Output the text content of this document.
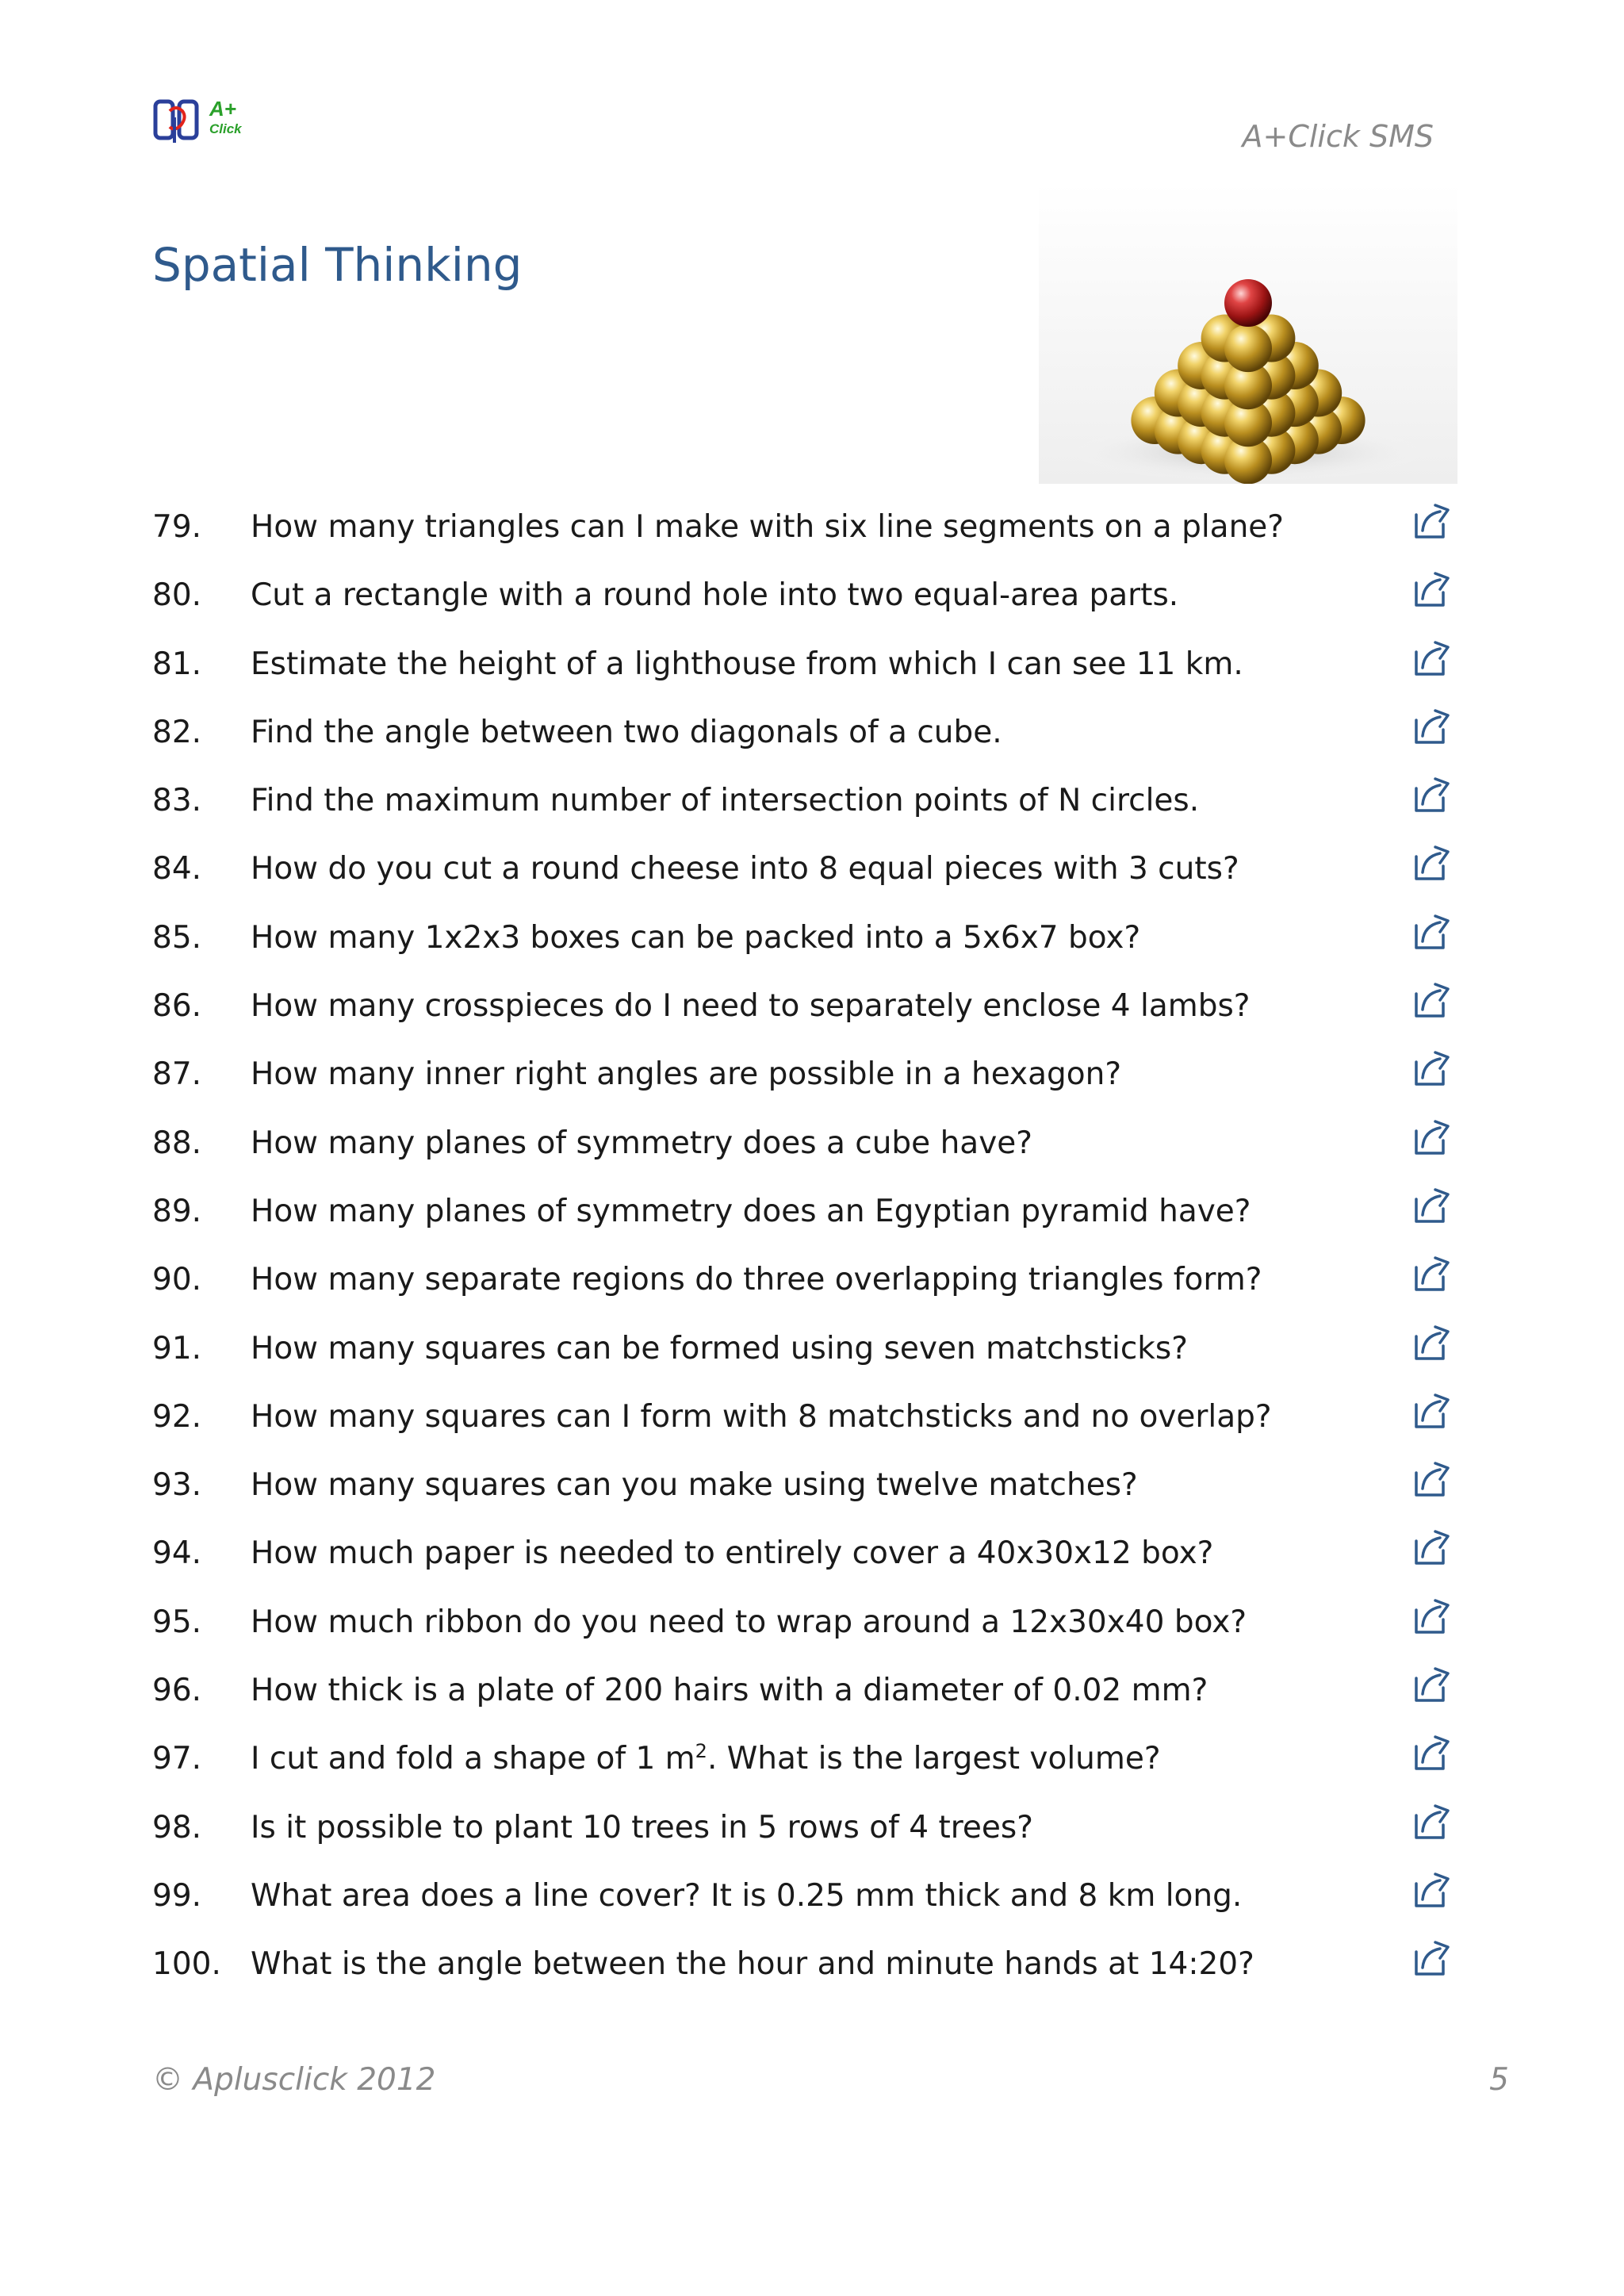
A+
Click	A+Click SMS
Spatial Thinking
79. How many triangles can I make with six line segments on a plane?
80. Cut a rectangle with a round hole into two equal-area parts.
81. Estimate the height of a lighthouse from which I can see 11 km.
82. Find the angle between two diagonals of a cube.
83. Find the maximum number of intersection points of N circles.
84. How do you cut a round cheese into 8 equal pieces with 3 cuts?
85. How many 1x2x3 boxes can be packed into a 5x6x7 box?
86. How many crosspieces do I need to separately enclose 4 lambs?
87. How many inner right angles are possible in a hexagon?
88. How many planes of symmetry does a cube have?
89. How many planes of symmetry does an Egyptian pyramid have?
90. How many separate regions do three overlapping triangles form?
91. How many squares can be formed using seven matchsticks?
92. How many squares can I form with 8 matchsticks and no overlap?
93. How many squares can you make using twelve matches?
94. How much paper is needed to entirely cover a 40x30x12 box?
95. How much ribbon do you need to wrap around a 12x30x40 box?
96. How thick is a plate of 200 hairs with a diameter of 0.02 mm?
97. I cut and fold a shape of 1 $m^2$. What is the largest volume?
98. Is it possible to plant 10 trees in 5 rows of 4 trees?
99. What area does a line cover? It is 0.25 mm thick and 8 km long.
100. What is the angle between the hour and minute hands at 14:20?
© Aplusclick 2012	5
